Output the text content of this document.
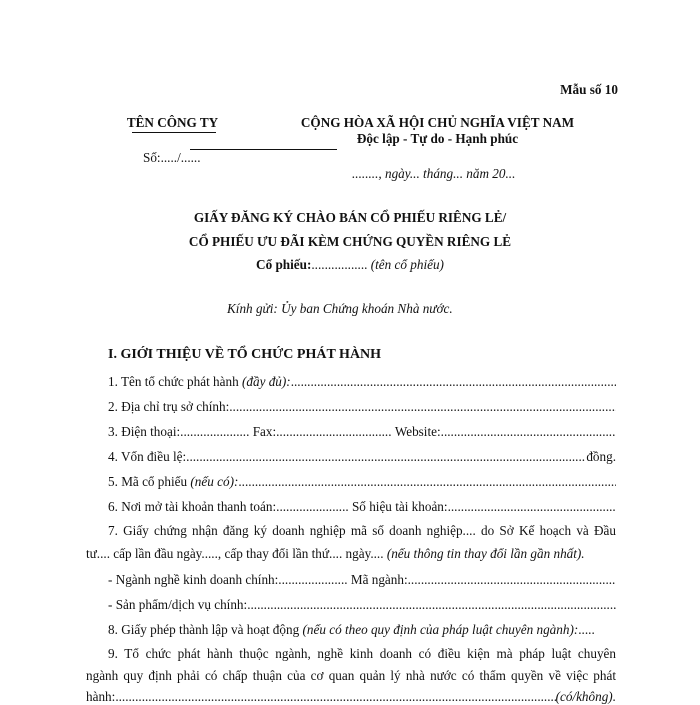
Mẫu số 10
TÊN CÔNG TY
Số:...../......
CỘNG HÒA XÃ HỘI CHỦ NGHĨA VIỆT NAM
Độc lập - Tự do - Hạnh phúc
........, ngày... tháng... năm 20...
GIẤY ĐĂNG KÝ CHÀO BÁN CỔ PHIẾU RIÊNG LẺ/
CỔ PHIẾU ƯU ĐÃI KÈM CHỨNG QUYỀN RIÊNG LẺ
Cổ phiếu:................. (tên cổ phiếu)
Kính gửi: Ủy ban Chứng khoán Nhà nước.
I. GIỚI THIỆU VỀ TỔ CHỨC PHÁT HÀNH
1. Tên tổ chức phát hành
(đầy đủ):
.....
2. Địa chỉ trụ sở chính:
.....
3. Điện thoại:.....................
Fax:...................................
Website:
.....
4. Vốn điều lệ: .....	đồng.
5. Mã cổ phiếu
(nếu có):
.....
6. Nơi mở tài khoản thanh toán:......................
Số hiệu tài khoản:
.....
7. Giấy chứng nhận đăng ký doanh nghiệp mã số doanh nghiệp.... do Sở Kế hoạch và Đầu
tư.... cấp lần đầu ngày....., cấp thay đổi lần thứ.... ngày.... (nếu thông tin thay đổi lần gần nhất).
- Ngành nghề kinh doanh chính:.....................
Mã ngành:
.....
- Sản phẩm/dịch vụ chính:
.....
8. Giấy phép thành lập và hoạt động (nếu có theo quy định của pháp luật chuyên ngành):.....
9. Tổ chức phát hành thuộc ngành, nghề kinh doanh có điều kiện mà pháp luật chuyên
ngành quy định phải có chấp thuận của cơ quan quản lý nhà nước có thẩm quyền về việc phát
hành: .....	(có/không).
